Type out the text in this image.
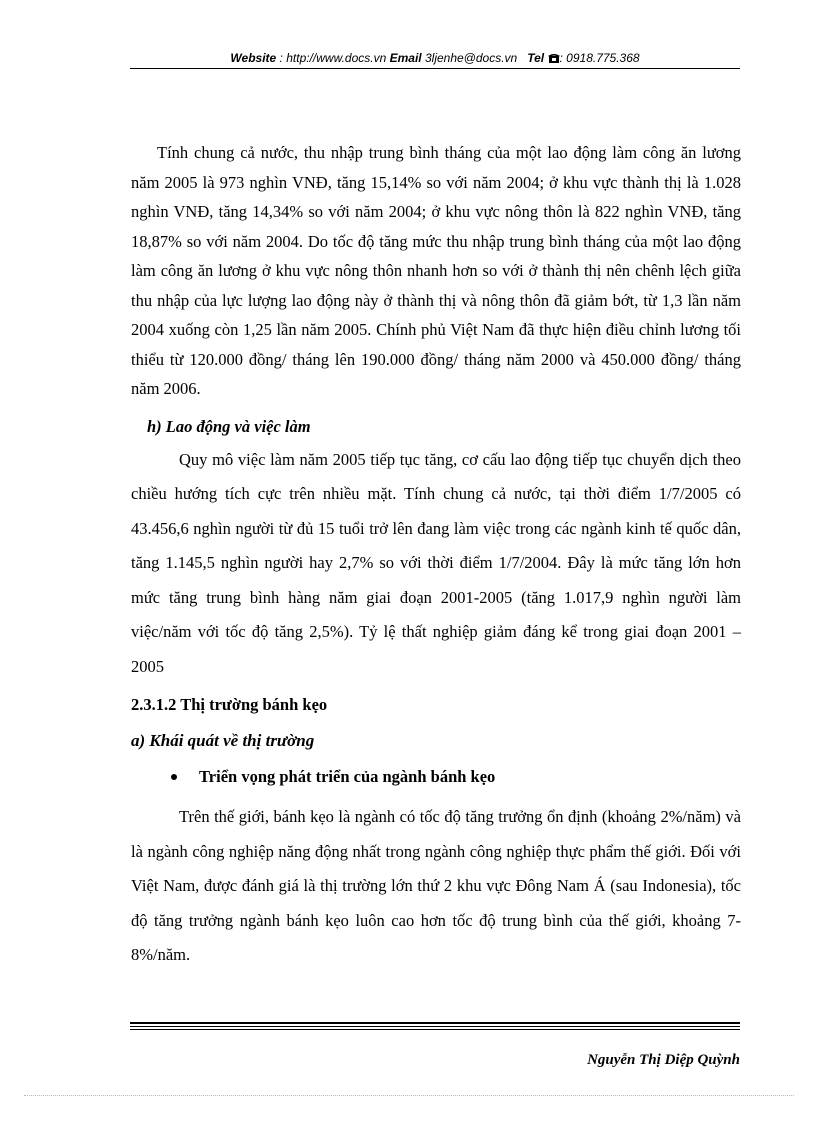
Website : http://www.docs.vn Email 3ljenhe@docs.vn Tel : 0918.775.368

Tính chung cả nước, thu nhập trung bình tháng của một lao động làm công ăn lương năm 2005 là 973 nghìn VNĐ, tăng 15,14% so với năm 2004; ở khu vực thành thị là 1.028 nghìn VNĐ, tăng 14,34% so với năm 2004; ở khu vực nông thôn là 822 nghìn VNĐ, tăng 18,87% so với năm 2004. Do tốc độ tăng mức thu nhập trung bình tháng của một lao động làm công ăn lương ở khu vực nông thôn nhanh hơn so với ở thành thị nên chênh lệch giữa thu nhập của lực lượng lao động này ở thành thị và nông thôn đã giảm bớt, từ 1,3 lần năm 2004 xuống còn 1,25 lần năm 2005. Chính phủ Việt Nam đã thực hiện điều chỉnh lương tối thiểu từ 120.000 đồng/ tháng lên 190.000 đồng/ tháng năm 2000 và 450.000 đồng/ tháng năm 2006.

h) Lao động và việc làm

Quy mô việc làm năm 2005 tiếp tục tăng, cơ cấu lao động tiếp tục chuyển dịch theo chiều hướng tích cực trên nhiều mặt. Tính chung cả nước, tại thời điểm 1/7/2005 có 43.456,6 nghìn người từ đủ 15 tuổi trở lên đang làm việc trong các ngành kinh tế quốc dân, tăng 1.145,5 nghìn người hay 2,7% so với thời điểm 1/7/2004. Đây là mức tăng lớn hơn mức tăng trung bình hàng năm giai đoạn 2001-2005 (tăng 1.017,9 nghìn người làm việc/năm với tốc độ tăng 2,5%). Tỷ lệ thất nghiệp giảm đáng kể trong giai đoạn 2001 – 2005

2.3.1.2 Thị trường bánh kẹo
a) Khái quát về thị trường
Triển vọng phát triển của ngành bánh kẹo

Trên thế giới, bánh kẹo là ngành có tốc độ tăng trưởng ổn định (khoảng 2%/năm) và là ngành công nghiệp năng động nhất trong ngành công nghiệp thực phẩm thế giới. Đối với Việt Nam, được đánh giá là thị trường lớn thứ 2 khu vực Đông Nam Á (sau Indonesia), tốc độ tăng trưởng ngành bánh kẹo luôn cao hơn tốc độ trung bình của thế giới, khoảng 7-8%/năm.

Nguyễn Thị Diệp Quỳnh
